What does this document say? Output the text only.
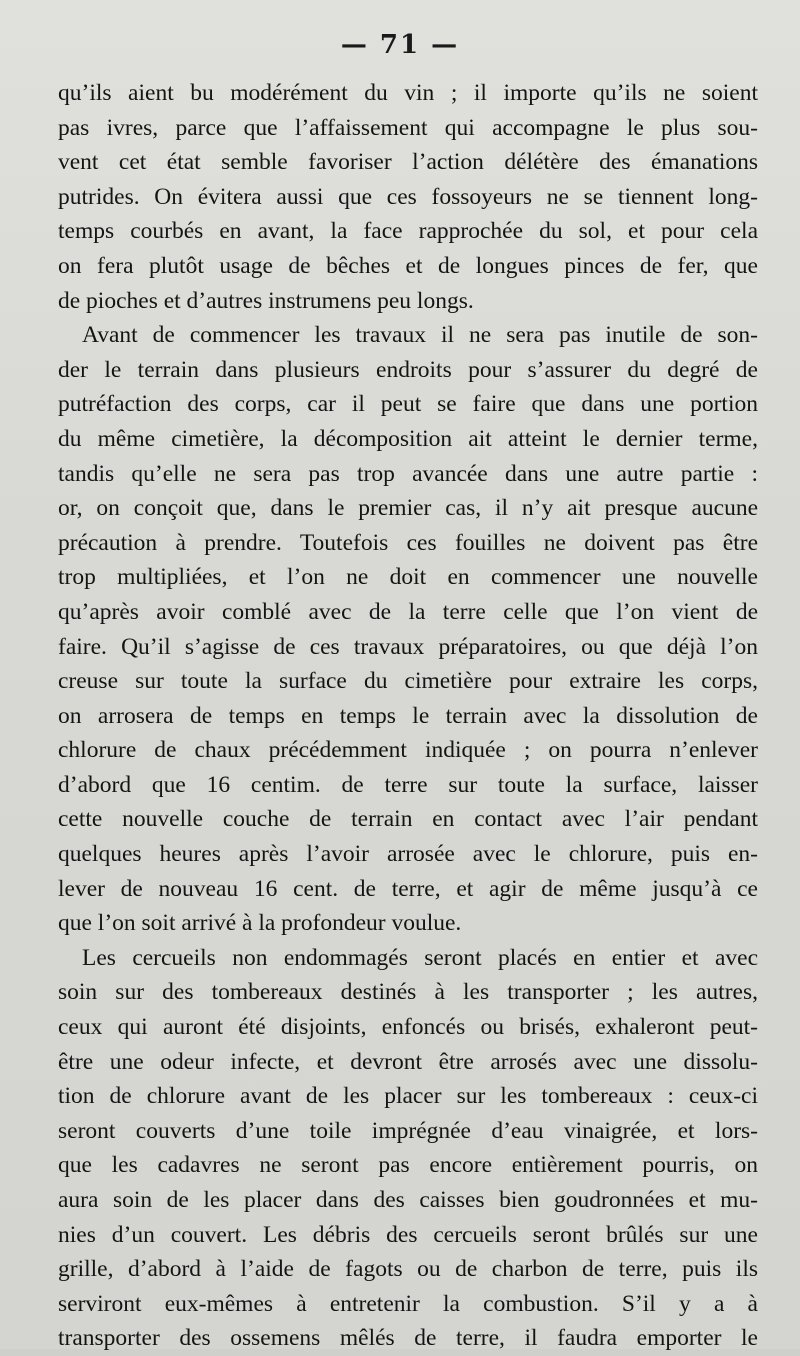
— 71 —
qu’ils aient bu modérément du vin ; il importe qu’ils ne soient
pas ivres, parce que l’affaissement qui accompagne le plus sou-
vent cet état semble favoriser l’action délétère des émanations
putrides. On évitera aussi que ces fossoyeurs ne se tiennent long-
temps courbés en avant, la face rapprochée du sol, et pour cela
on fera plutôt usage de bêches et de longues pinces de fer, que
de pioches et d’autres instrumens peu longs.
Avant de commencer les travaux il ne sera pas inutile de son-
der le terrain dans plusieurs endroits pour s’assurer du degré de
putréfaction des corps, car il peut se faire que dans une portion
du même cimetière, la décomposition ait atteint le dernier terme,
tandis qu’elle ne sera pas trop avancée dans une autre partie :
or, on conçoit que, dans le premier cas, il n’y ait presque aucune
précaution à prendre. Toutefois ces fouilles ne doivent pas être
trop multipliées, et l’on ne doit en commencer une nouvelle
qu’après avoir comblé avec de la terre celle que l’on vient de
faire. Qu’il s’agisse de ces travaux préparatoires, ou que déjà l’on
creuse sur toute la surface du cimetière pour extraire les corps,
on arrosera de temps en temps le terrain avec la dissolution de
chlorure de chaux précédemment indiquée ; on pourra n’enlever
d’abord que 16 centim. de terre sur toute la surface, laisser
cette nouvelle couche de terrain en contact avec l’air pendant
quelques heures après l’avoir arrosée avec le chlorure, puis en-
lever de nouveau 16 cent. de terre, et agir de même jusqu’à ce
que l’on soit arrivé à la profondeur voulue.
Les cercueils non endommagés seront placés en entier et avec
soin sur des tombereaux destinés à les transporter ; les autres,
ceux qui auront été disjoints, enfoncés ou brisés, exhaleront peut-
être une odeur infecte, et devront être arrosés avec une dissolu-
tion de chlorure avant de les placer sur les tombereaux : ceux-ci
seront couverts d’une toile imprégnée d’eau vinaigrée, et lors-
que les cadavres ne seront pas encore entièrement pourris, on
aura soin de les placer dans des caisses bien goudronnées et mu-
nies d’un couvert. Les débris des cercueils seront brûlés sur une
grille, d’abord à l’aide de fagots ou de charbon de terre, puis ils
serviront eux-mêmes à entretenir la combustion. S’il y a à
transporter des ossemens mêlés de terre, il faudra emporter le
